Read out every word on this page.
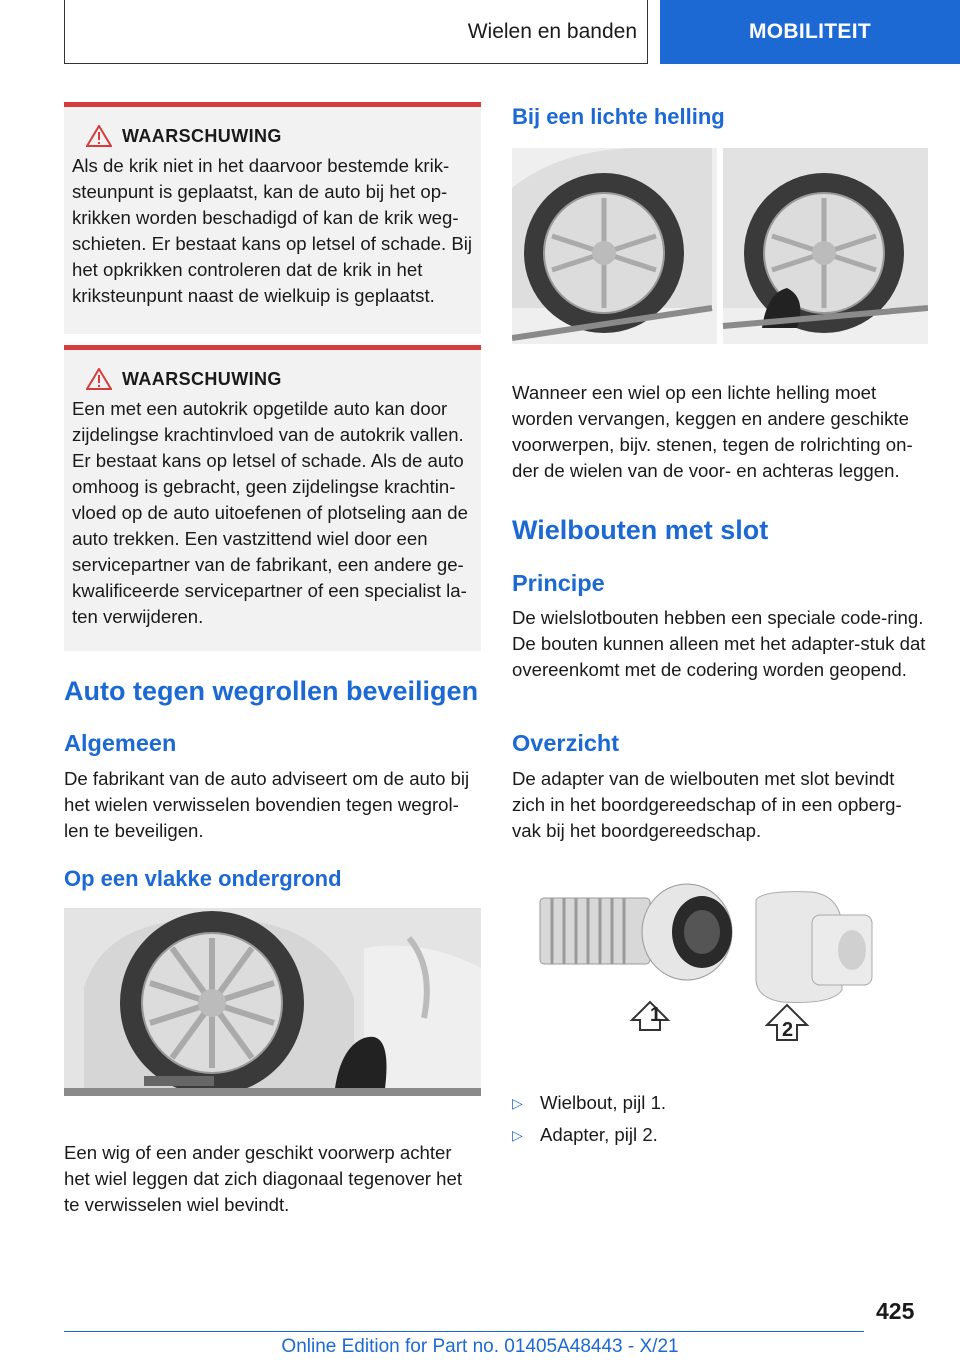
Wielen en banden	MOBILITEIT
WAARSCHUWING
Als de krik niet in het daarvoor bestemde krik-steunpunt is geplaatst, kan de auto bij het op-krikken worden beschadigd of kan de krik weg-schieten. Er bestaat kans op letsel of schade. Bij het opkrikken controleren dat de krik in het kriksteunpunt naast de wielkuip is geplaatst.
WAARSCHUWING
Een met een autokrik opgetilde auto kan door zijdelingse krachtinvloed van de autokrik vallen. Er bestaat kans op letsel of schade. Als de auto omhoog is gebracht, geen zijdelingse krachtin-vloed op de auto uitoefenen of plotseling aan de auto trekken. Een vastzittend wiel door een servicepartner van de fabrikant, een andere ge-kwalificeerde servicepartner of een specialist la-ten verwijderen.
Auto tegen wegrollen beveiligen
Algemeen
De fabrikant van de auto adviseert om de auto bij het wielen verwisselen bovendien tegen wegrol-len te beveiligen.
Op een vlakke ondergrond
Een wig of een ander geschikt voorwerp achter het wiel leggen dat zich diagonaal tegenover het te verwisselen wiel bevindt.
Bij een lichte helling
Wanneer een wiel op een lichte helling moet worden vervangen, keggen en andere geschikte voorwerpen, bijv. stenen, tegen de rolrichting on-der de wielen van de voor- en achteras leggen.
Wielbouten met slot
Principe
De wielslotbouten hebben een speciale code-ring. De bouten kunnen alleen met het adapter-stuk dat overeenkomt met de codering worden geopend.
Overzicht
De adapter van de wielbouten met slot bevindt zich in het boordgereedschap of in een opberg-vak bij het boordgereedschap.
1
2
▷ Wielbout, pijl 1.
▷ Adapter, pijl 2.
425
Online Edition for Part no. 01405A48443 - X/21
